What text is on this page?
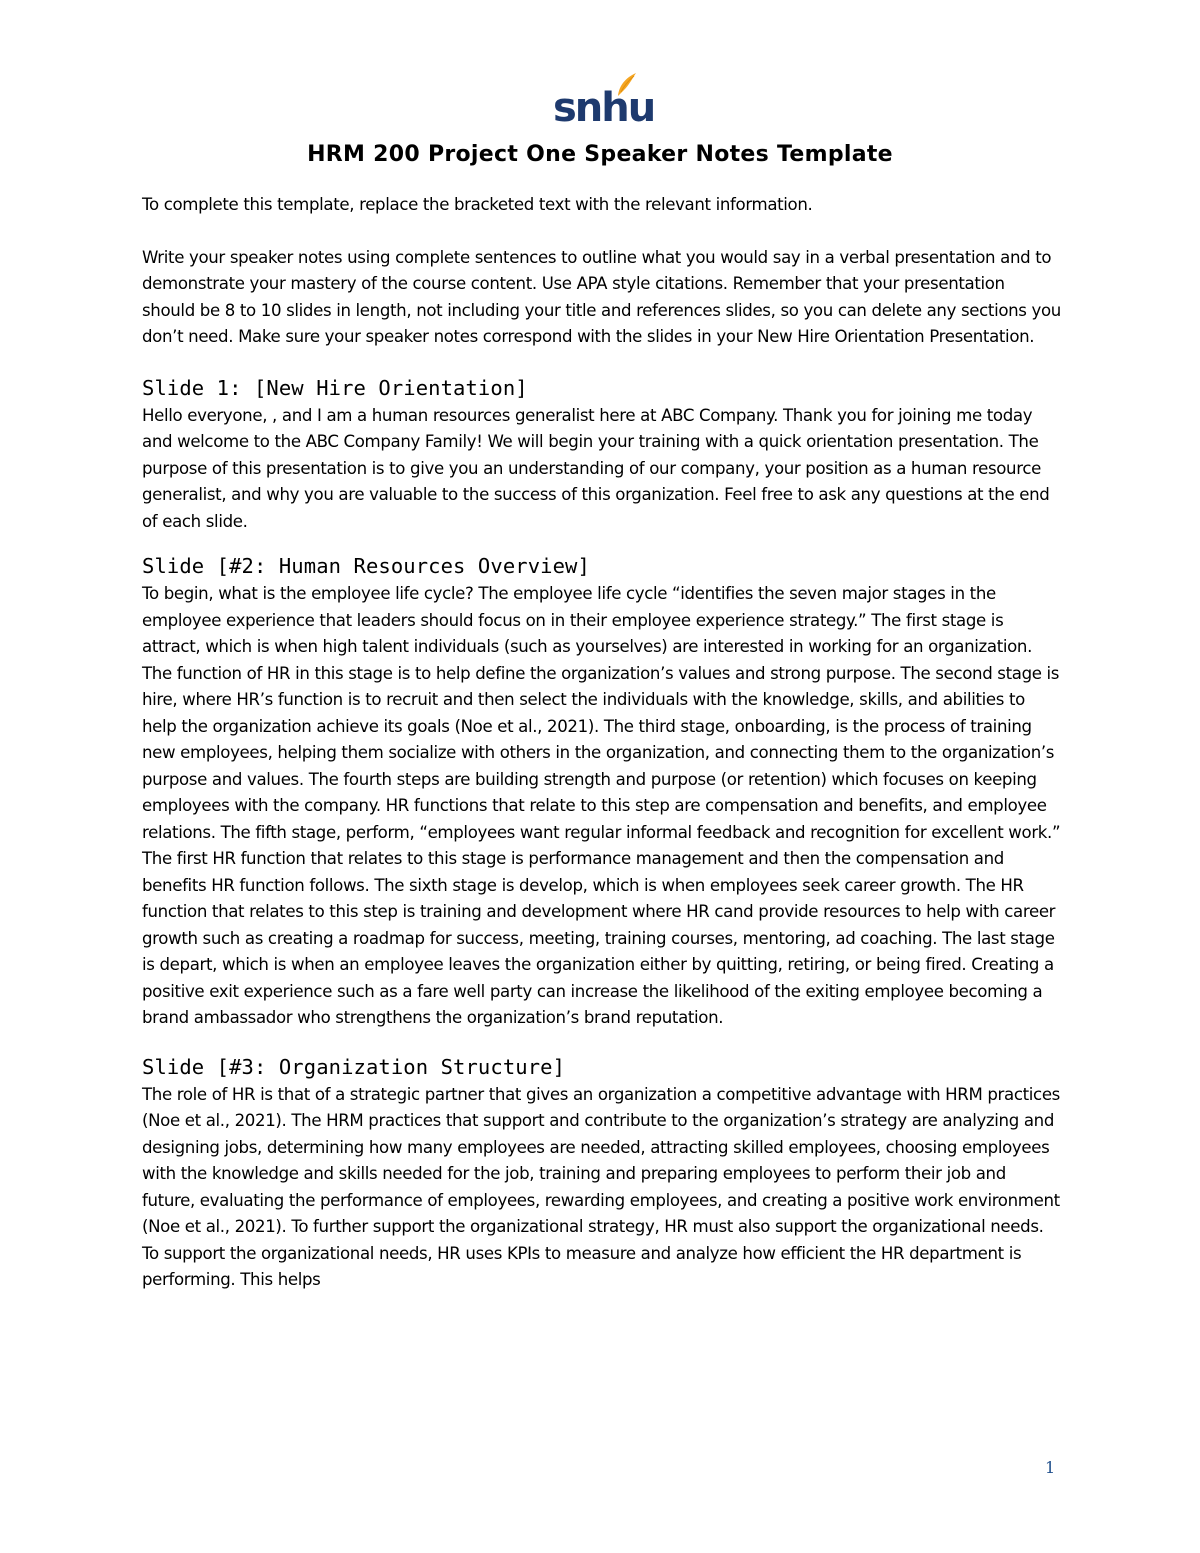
snhu
HRM 200 Project One Speaker Notes Template

To complete this template, replace the bracketed text with the relevant information.

Write your speaker notes using complete sentences to outline what you would say in a verbal presentation and to demonstrate your mastery of the course content. Use APA style citations. Remember that your presentation should be 8 to 10 slides in length, not including your title and references slides, so you can delete any sections you don’t need. Make sure your speaker notes correspond with the slides in your New Hire Orientation Presentation.

Slide 1: [New Hire Orientation]

Hello everyone, , and I am a human resources generalist here at ABC Company. Thank you for joining me today and welcome to the ABC Company Family! We will begin your training with a quick orientation presentation. The purpose of this presentation is to give you an understanding of our company, your position as a human resource generalist, and why you are valuable to the success of this organization. Feel free to ask any questions at the end of each slide.

Slide [#2: Human Resources Overview]

To begin, what is the employee life cycle? The employee life cycle “identifies the seven major stages in the employee experience that leaders should focus on in their employee experience strategy.” The first stage is attract, which is when high talent individuals (such as yourselves) are interested in working for an organization. The function of HR in this stage is to help define the organization’s values and strong purpose. The second stage is hire, where HR’s function is to recruit and then select the individuals with the knowledge, skills, and abilities to help the organization achieve its goals (Noe et al., 2021). The third stage, onboarding, is the process of training new employees, helping them socialize with others in the organization, and connecting them to the organization’s purpose and values. The fourth steps are building strength and purpose (or retention) which focuses on keeping employees with the company. HR functions that relate to this step are compensation and benefits, and employee relations. The fifth stage, perform, “employees want regular informal feedback and recognition for excellent work.” The first HR function that relates to this stage is performance management and then the compensation and benefits HR function follows. The sixth stage is develop, which is when employees seek career growth. The HR function that relates to this step is training and development where HR cand provide resources to help with career growth such as creating a roadmap for success, meeting, training courses, mentoring, ad coaching. The last stage is depart, which is when an employee leaves the organization either by quitting, retiring, or being fired. Creating a positive exit experience such as a fare well party can increase the likelihood of the exiting employee becoming a brand ambassador who strengthens the organization’s brand reputation.

Slide [#3: Organization Structure]

The role of HR is that of a strategic partner that gives an organization a competitive advantage with HRM practices (Noe et al., 2021). The HRM practices that support and contribute to the organization’s strategy are analyzing and designing jobs, determining how many employees are needed, attracting skilled employees, choosing employees with the knowledge and skills needed for the job, training and preparing employees to perform their job and future, evaluating the performance of employees, rewarding employees, and creating a positive work environment (Noe et al., 2021). To further support the organizational strategy, HR must also support the organizational needs. To support the organizational needs, HR uses KPIs to measure and analyze how efficient the HR department is performing. This helps

1
